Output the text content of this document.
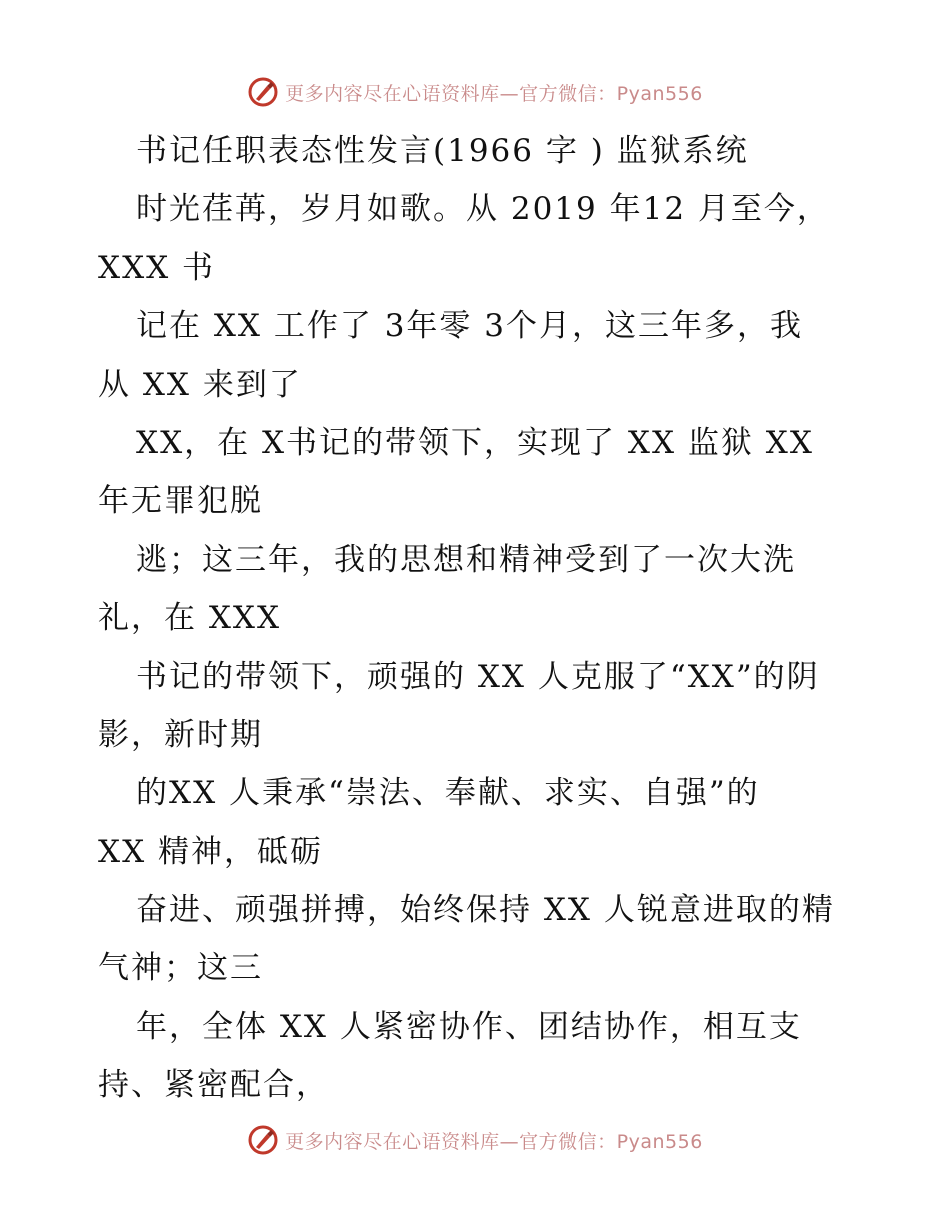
更多内容尽在心语资料库—官方微信：Pyan556
书记任职表态性发言(1966 字 ) 监狱系统
时光荏苒，岁月如歌。从 2019 年12 月至今，
XXX 书
记在 XX 工作了 3年零 3个月，这三年多，我
从 XX 来到了
XX，在 X书记的带领下，实现了 XX 监狱 XX
年无罪犯脱
逃；这三年，我的思想和精神受到了一次大洗
礼，在 XXX
书记的带领下，顽强的 XX 人克服了“XX”的阴
影，新时期
的XX 人秉承“崇法、奉献、求实、自强”的
XX 精神，砥砺
奋进、顽强拼搏，始终保持 XX 人锐意进取的精
气神；这三
年，全体 XX 人紧密协作、团结协作，相互支
持、紧密配合，
更多内容尽在心语资料库—官方微信：Pyan556
